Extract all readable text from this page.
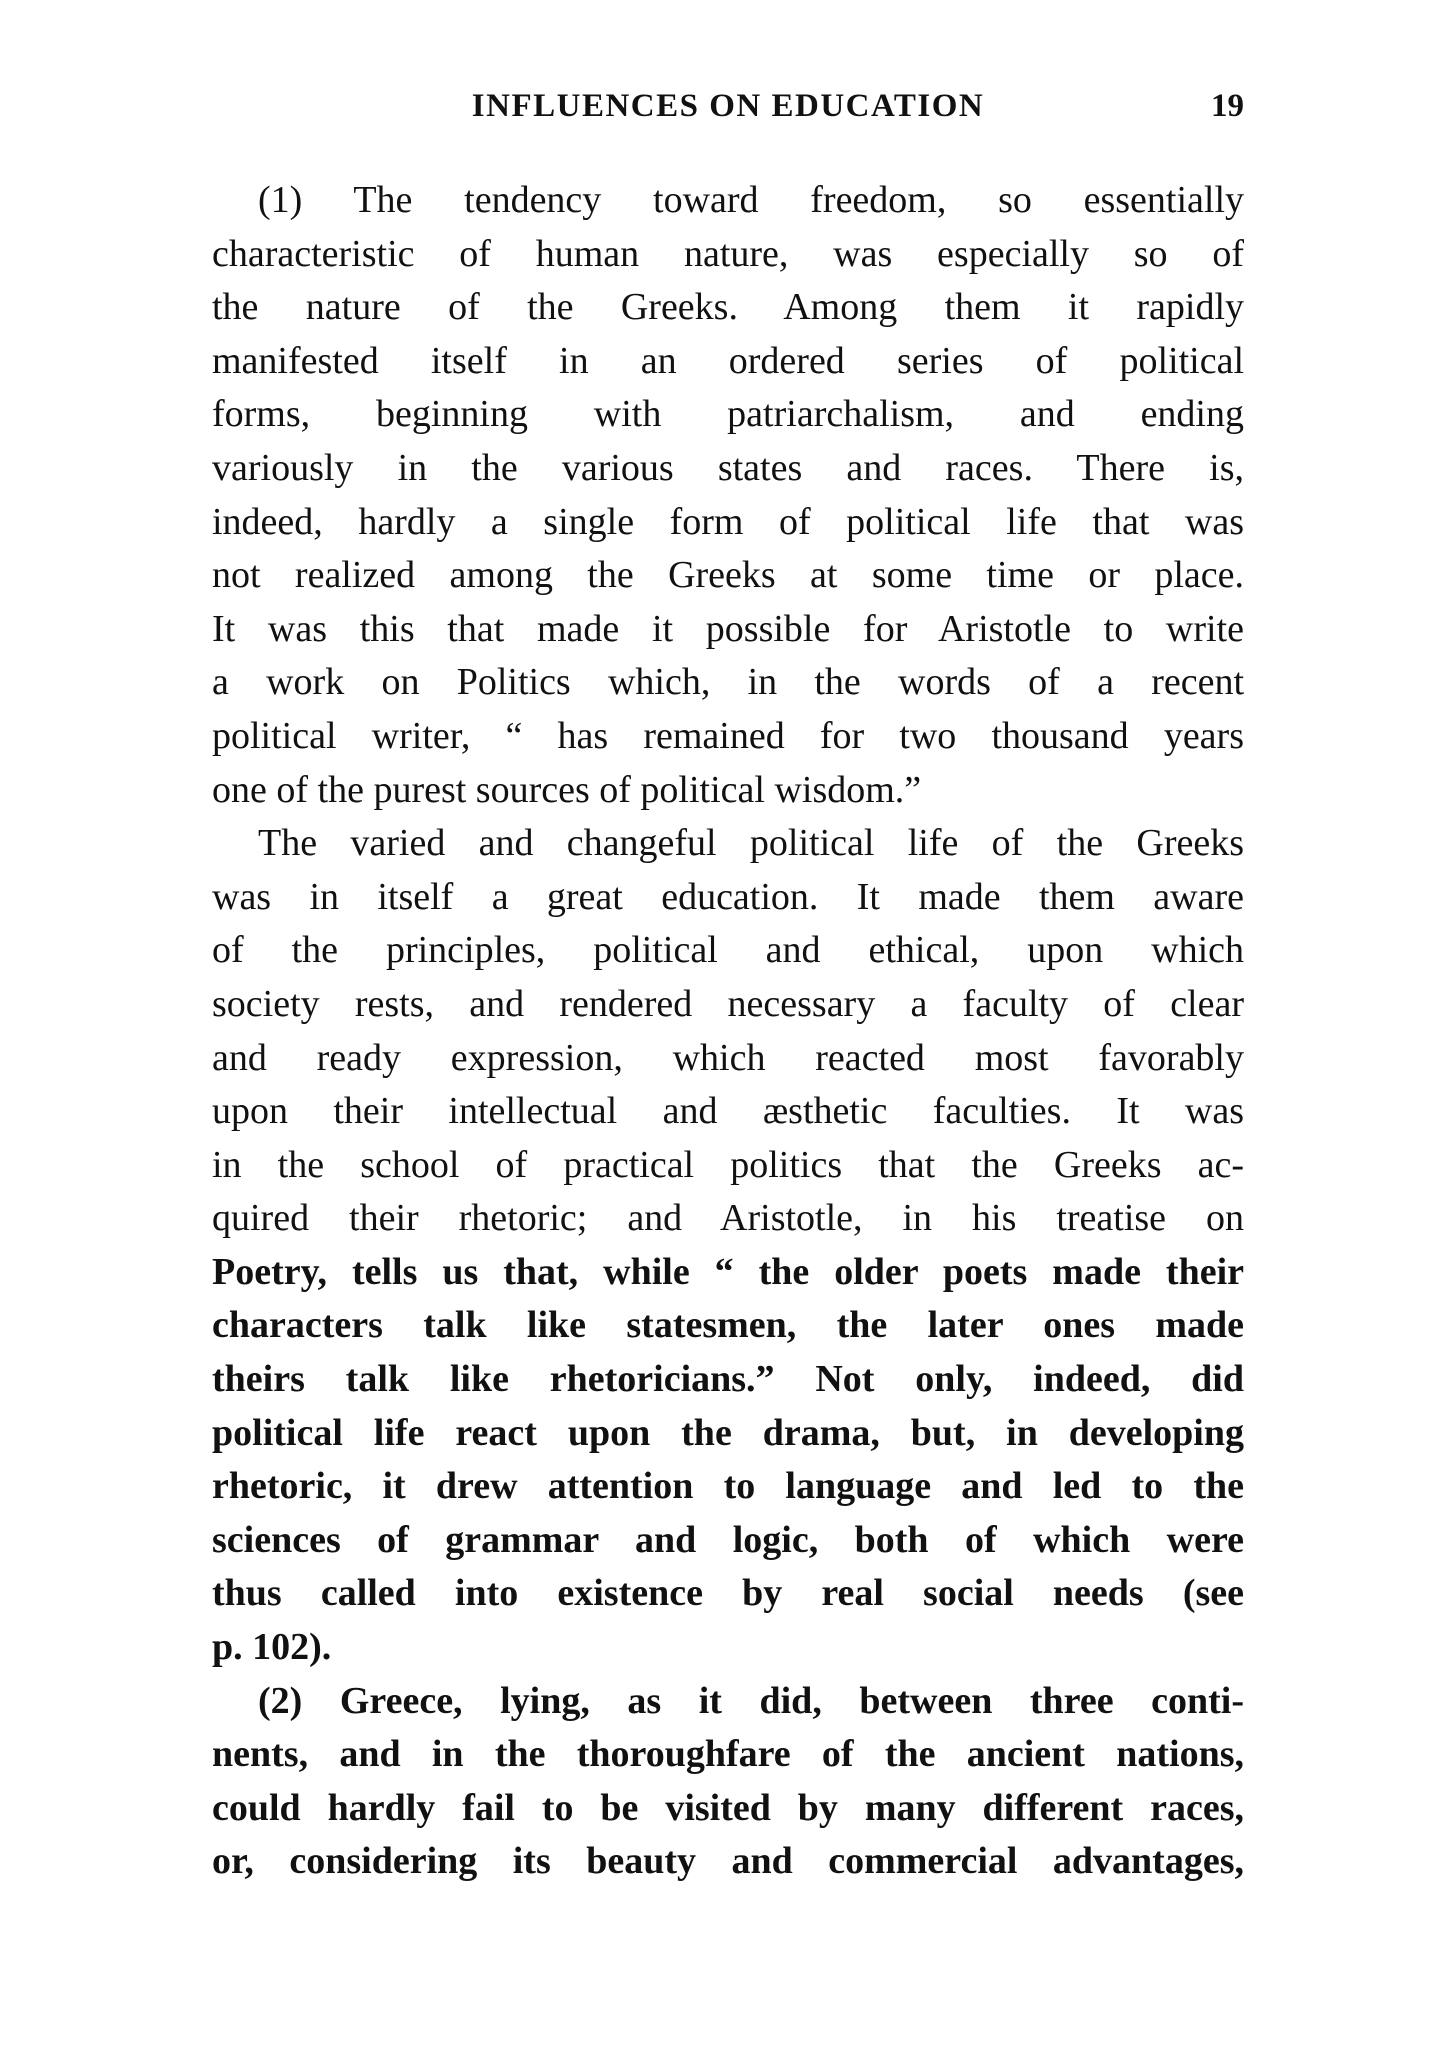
INFLUENCES ON EDUCATION	19
(1) The tendency toward freedom, so essentially
characteristic of human nature, was especially so of
the nature of the Greeks. Among them it rapidly
manifested itself in an ordered series of political
forms, beginning with patriarchalism, and ending
variously in the various states and races. There is,
indeed, hardly a single form of political life that was
not realized among the Greeks at some time or place.
It was this that made it possible for Aristotle to write
a work on Politics which, in the words of a recent
political writer, “ has remained for two thousand years
one of the purest sources of political wisdom.”
The varied and changeful political life of the Greeks
was in itself a great education. It made them aware
of the principles, political and ethical, upon which
society rests, and rendered necessary a faculty of clear
and ready expression, which reacted most favorably
upon their intellectual and æsthetic faculties. It was
in the school of practical politics that the Greeks ac-
quired their rhetoric; and Aristotle, in his treatise on
Poetry, tells us that, while “ the older poets made their
characters talk like statesmen, the later ones made
theirs talk like rhetoricians.” Not only, indeed, did
political life react upon the drama, but, in developing
rhetoric, it drew attention to language and led to the
sciences of grammar and logic, both of which were
thus called into existence by real social needs (see
p. 102).
(2) Greece, lying, as it did, between three conti-
nents, and in the thoroughfare of the ancient nations,
could hardly fail to be visited by many different races,
or, considering its beauty and commercial advantages,
